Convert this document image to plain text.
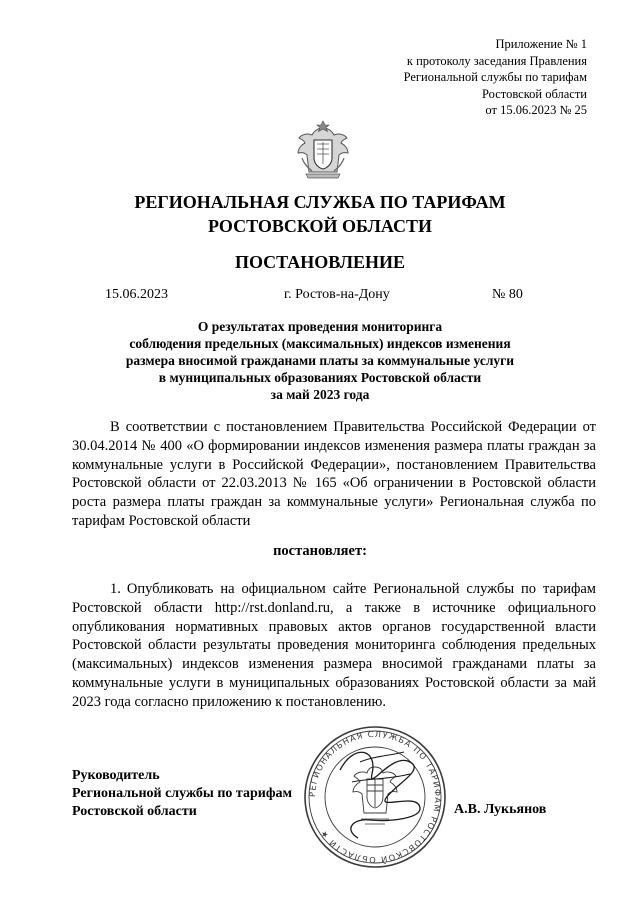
Приложение № 1
к протоколу заседания Правления
Региональной службы по тарифам
Ростовской области
от 15.06.2023 № 25
РЕГИОНАЛЬНАЯ СЛУЖБА ПО ТАРИФАМ
РОСТОВСКОЙ ОБЛАСТИ
ПОСТАНОВЛЕНИЕ
15.06.2023	г. Ростов-на-Дону	№ 80
О результатах проведения мониторинга
соблюдения предельных (максимальных) индексов изменения
размера вносимой гражданами платы за коммунальные услуги
в муниципальных образованиях Ростовской области
за май 2023 года

В соответствии с постановлением Правительства Российской Федерации от 30.04.2014 № 400 «О формировании индексов изменения размера платы граждан за коммунальные услуги в Российской Федерации», постановлением Правительства Ростовской области от 22.03.2013 № 165 «Об ограничении в Ростовской области роста размера платы граждан за коммунальные услуги» Региональная служба по тарифам Ростовской области

постановляет:

1. Опубликовать на официальном сайте Региональной службы по тарифам Ростовской области http://rst.donland.ru, а также в источнике официального опубликования нормативных правовых актов органов государственной власти Ростовской области результаты проведения мониторинга соблюдения предельных (максимальных) индексов изменения размера вносимой гражданами платы за коммунальные услуги в муниципальных образованиях Ростовской области за май 2023 года согласно приложению к постановлению.

Руководитель
Региональной службы по тарифам
Ростовской области
РЕГИОНАЛЬНАЯ СЛУЖБА ПО ТАРИФАМ РОСТОВСКОЙ ОБЛАСТИ ★
А.В. Лукьянов
